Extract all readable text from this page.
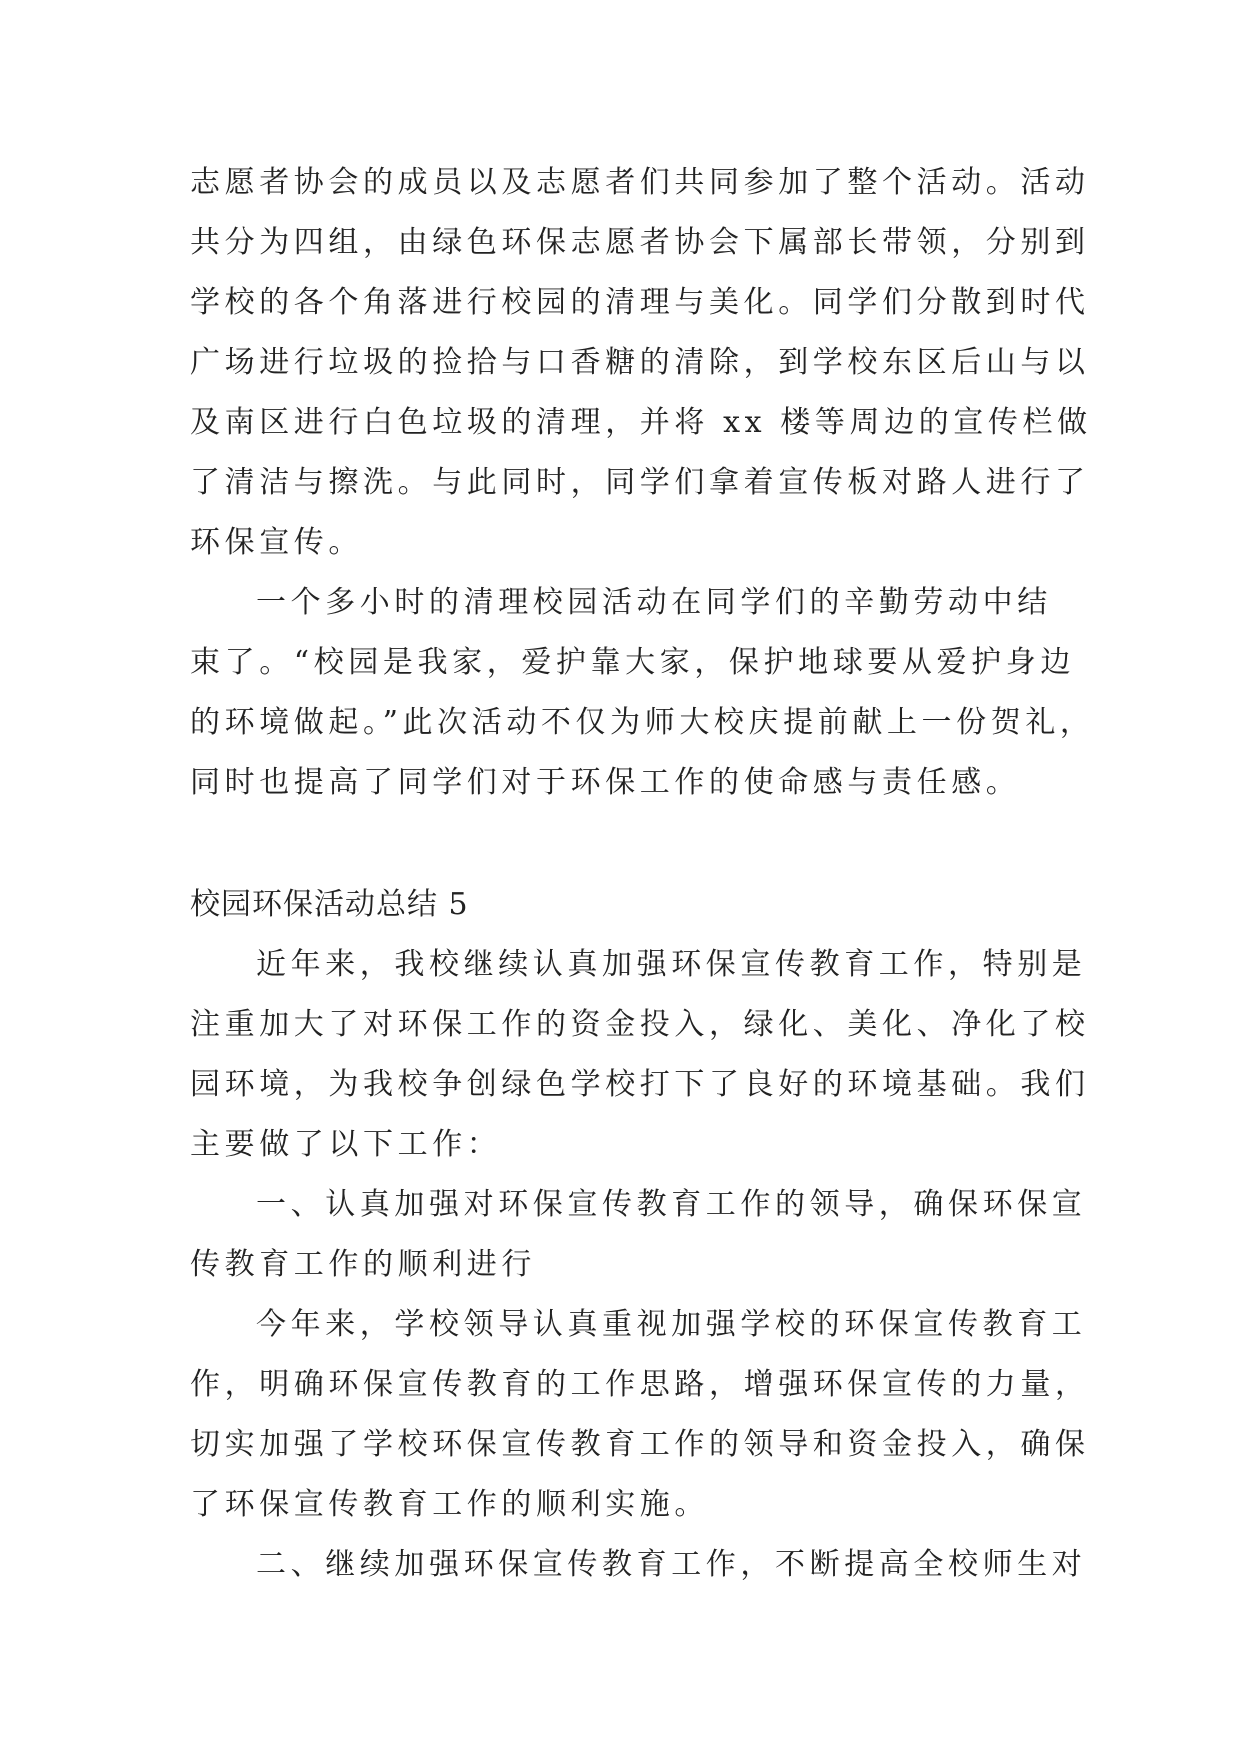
志愿者协会的成员以及志愿者们共同参加了整个活动。活动
共分为四组，由绿色环保志愿者协会下属部长带领，分别到
学校的各个角落进行校园的清理与美化。同学们分散到时代
广场进行垃圾的捡拾与口香糖的清除，到学校东区后山与以
及南区进行白色垃圾的清理，并将 xx 楼等周边的宣传栏做
了清洁与擦洗。与此同时，同学们拿着宣传板对路人进行了
环保宣传。
一个多小时的清理校园活动在同学们的辛勤劳动中结
束了。“校园是我家，爱护靠大家，保护地球要从爱护身边
的环境做起。”此次活动不仅为师大校庆提前献上一份贺礼，
同时也提高了同学们对于环保工作的使命感与责任感。
校园环保活动总结 5
近年来，我校继续认真加强环保宣传教育工作，特别是
注重加大了对环保工作的资金投入，绿化、美化、净化了校
园环境，为我校争创绿色学校打下了良好的环境基础。我们
主要做了以下工作：
一、认真加强对环保宣传教育工作的领导，确保环保宣
传教育工作的顺利进行
今年来，学校领导认真重视加强学校的环保宣传教育工
作，明确环保宣传教育的工作思路，增强环保宣传的力量，
切实加强了学校环保宣传教育工作的领导和资金投入，确保
了环保宣传教育工作的顺利实施。
二、继续加强环保宣传教育工作，不断提高全校师生对
